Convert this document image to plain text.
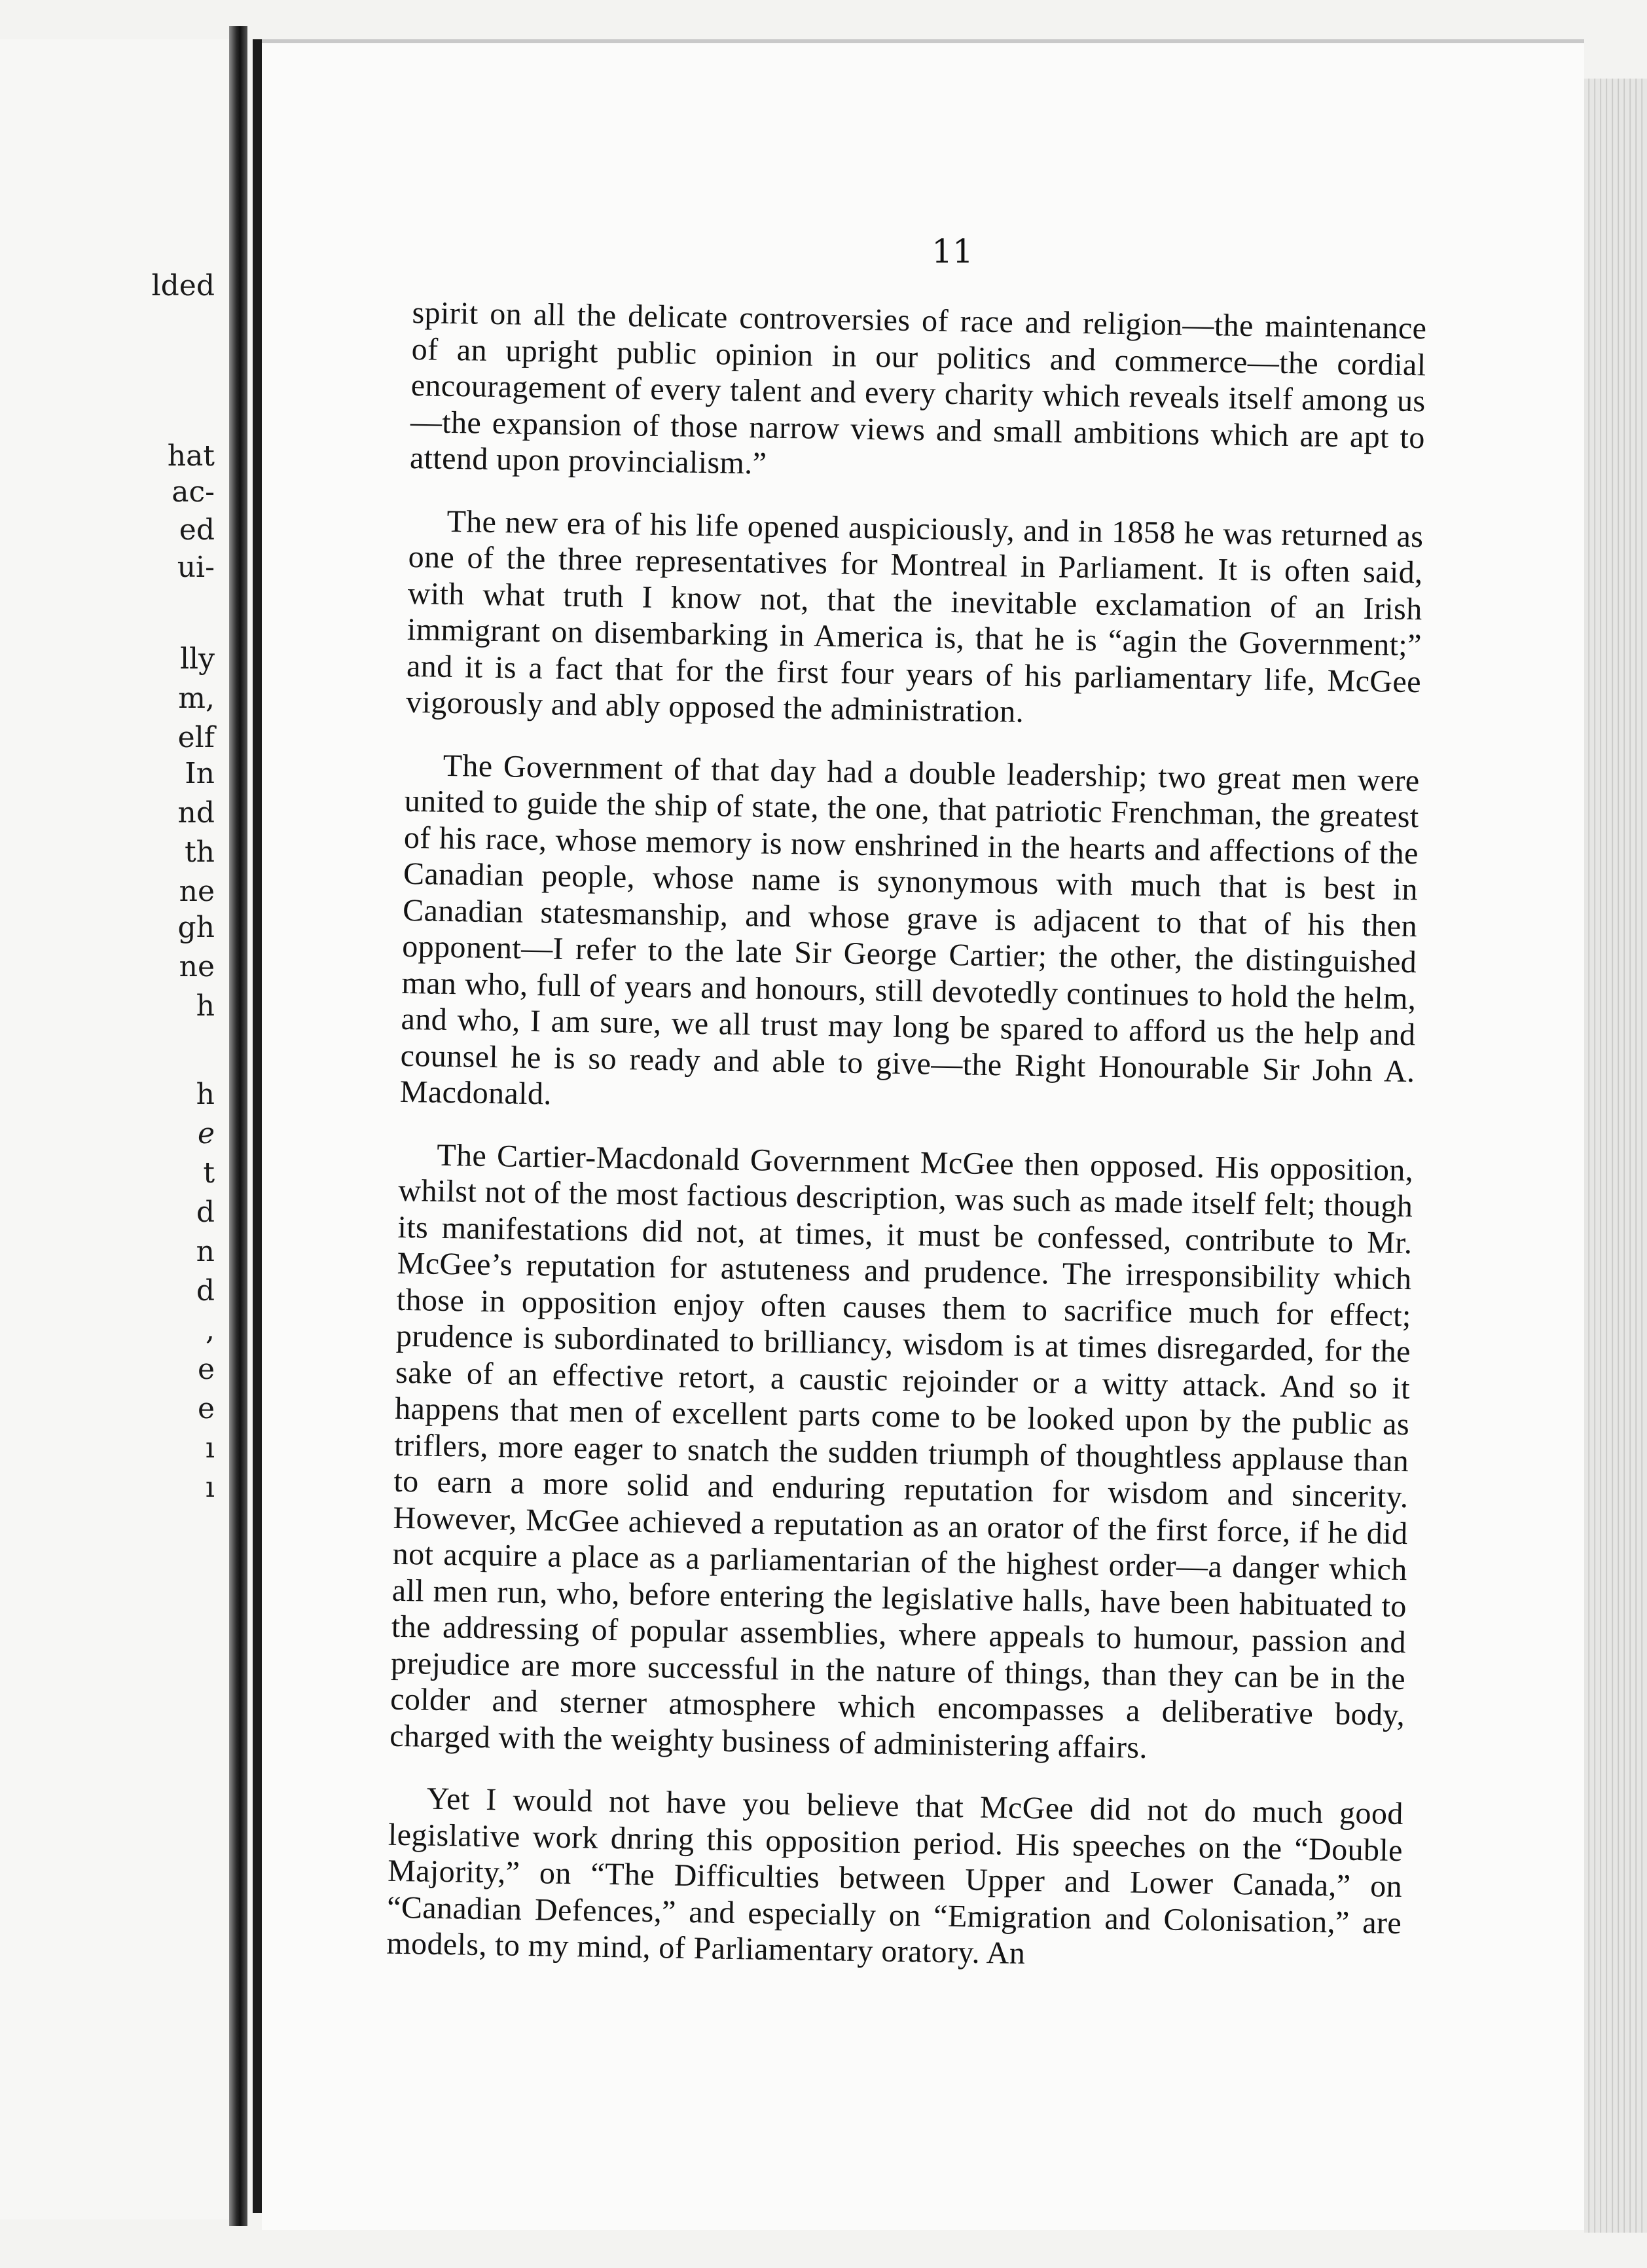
lded
hat
ac-
ed
ui-
lly
m,
elf
In
nd
th
ne
gh
ne
h
h
e
t
d
n
d
,
e
e
ı
ı
11

spirit on all the delicate controversies of race and religion—the maintenance of an upright public opinion in our politics and commerce—the cordial encouragement of every talent and every charity which reveals itself among us—the expansion of those narrow views and small ambitions which are apt to attend upon provincialism.”

The new era of his life opened auspiciously, and in 1858 he was returned as one of the three representatives for Montreal in Parliament. It is often said, with what truth I know not, that the inevitable exclamation of an Irish immigrant on disembarking in America is, that he is “agin the Government;” and it is a fact that for the first four years of his parliamentary life, McGee vigorously and ably opposed the administration.

The Government of that day had a double leadership; two great men were united to guide the ship of state, the one, that patriotic Frenchman, the greatest of his race, whose memory is now enshrined in the hearts and affections of the Canadian people, whose name is synonymous with much that is best in Canadian statesmanship, and whose grave is adjacent to that of his then opponent—I refer to the late Sir George Cartier; the other, the distinguished man who, full of years and honours, still devotedly continues to hold the helm, and who, I am sure, we all trust may long be spared to afford us the help and counsel he is so ready and able to give—the Right Honourable Sir John A. Macdonald.

The Cartier-Macdonald Government McGee then opposed. His opposition, whilst not of the most factious description, was such as made itself felt; though its manifestations did not, at times, it must be confessed, contribute to Mr. McGee’s reputation for astuteness and prudence. The irresponsibility which those in opposition enjoy often causes them to sacrifice much for effect; prudence is subordinated to brilliancy, wisdom is at times disregarded, for the sake of an effective retort, a caustic rejoinder or a witty attack. And so it happens that men of excellent parts come to be looked upon by the public as triflers, more eager to snatch the sudden triumph of thoughtless applause than to earn a more solid and enduring reputation for wisdom and sincerity. However, McGee achieved a reputation as an orator of the first force, if he did not acquire a place as a parliamentarian of the highest order—a danger which all men run, who, before entering the legislative halls, have been habituated to the addressing of popular assemblies, where appeals to humour, passion and prejudice are more successful in the nature of things, than they can be in the colder and sterner atmosphere which encompasses a deliberative body, charged with the weighty business of administering affairs.

Yet I would not have you believe that McGee did not do much good legislative work dnring this opposition period. His speeches on the “Double Majority,” on “The Difficulties between Upper and Lower Canada,” on “Canadian Defences,” and especially on “Emigration and Colonisation,” are models, to my mind, of Parliamentary oratory. An
